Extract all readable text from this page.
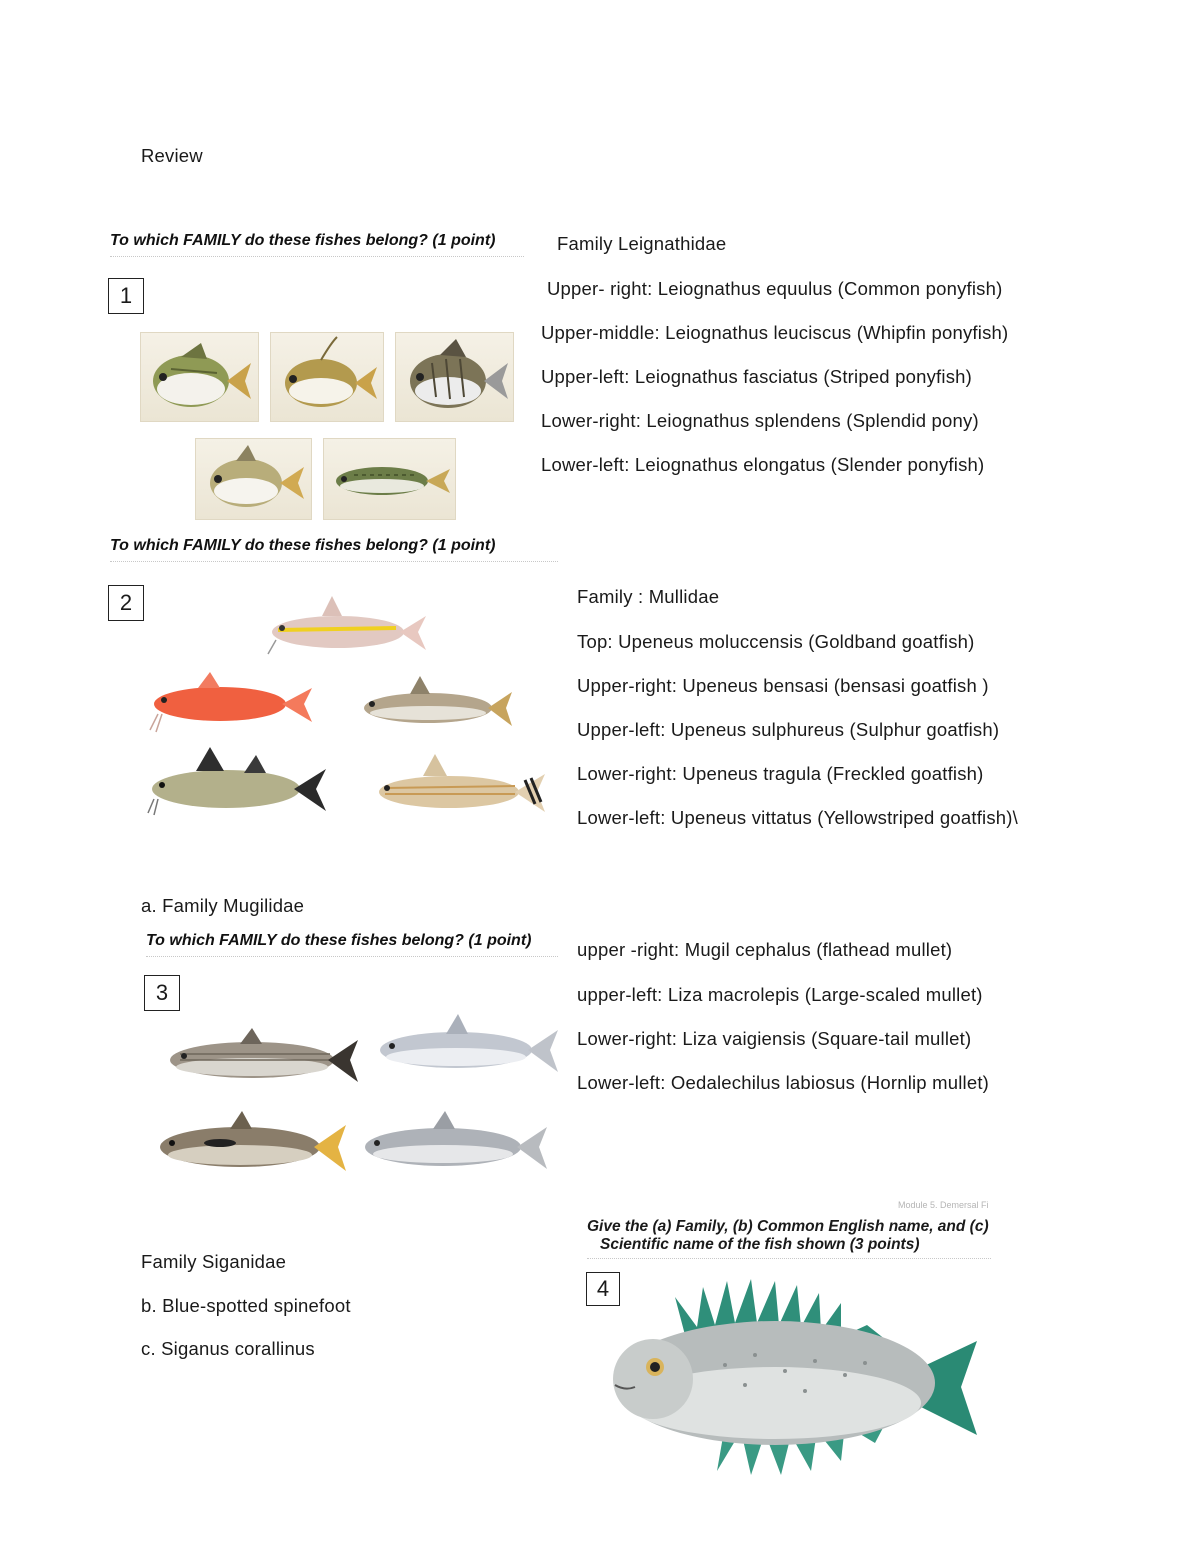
Review
To which FAMILY do these fishes belong? (1 point)
1
Family Leignathidae
Upper- right: Leiognathus equulus (Common ponyfish)
Upper-middle: Leiognathus leuciscus (Whipfin ponyfish)
Upper-left: Leiognathus fasciatus (Striped ponyfish)
Lower-right: Leiognathus splendens (Splendid pony)
Lower-left: Leiognathus elongatus (Slender ponyfish)
To which FAMILY do these fishes belong? (1 point)
2	Family : Mullidae
Top: Upeneus moluccensis (Goldband goatfish)
Upper-right: Upeneus bensasi (bensasi goatfish )
Upper-left: Upeneus sulphureus (Sulphur goatfish)
Lower-right: Upeneus tragula (Freckled goatfish)
Lower-left: Upeneus vittatus (Yellowstriped goatfish)\
a. Family Mugilidae
To which FAMILY do these fishes belong? (1 point)
3
upper -right: Mugil cephalus (flathead mullet)
upper-left: Liza macrolepis (Large-scaled mullet)
Lower-right: Liza vaigiensis (Square-tail mullet)
Lower-left: Oedalechilus labiosus (Hornlip mullet)
Module 5. Demersal Fi
Give the (a) Family, (b) Common English name, and (c)
Scientific name of the fish shown (3 points)
4
Family Siganidae
b. Blue-spotted spinefoot
c. Siganus corallinus
